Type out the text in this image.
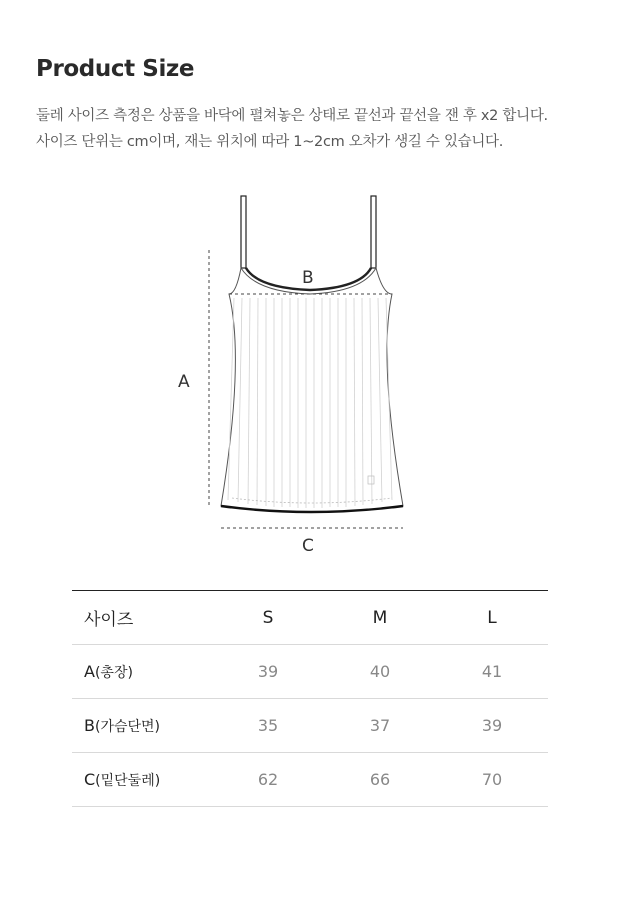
Product Size
둘레 사이즈 측정은 상품을 바닥에 펼쳐놓은 상태로 끝선과 끝선을 잰 후 x2 합니다.
사이즈 단위는 cm이며, 재는 위치에 따라 1~2cm 오차가 생길 수 있습니다.
A
B
C
사이즈	S	M	L
A(총장)	39	40	41
B(가슴단면)	35	37	39
C(밑단둘레)	62	66	70
